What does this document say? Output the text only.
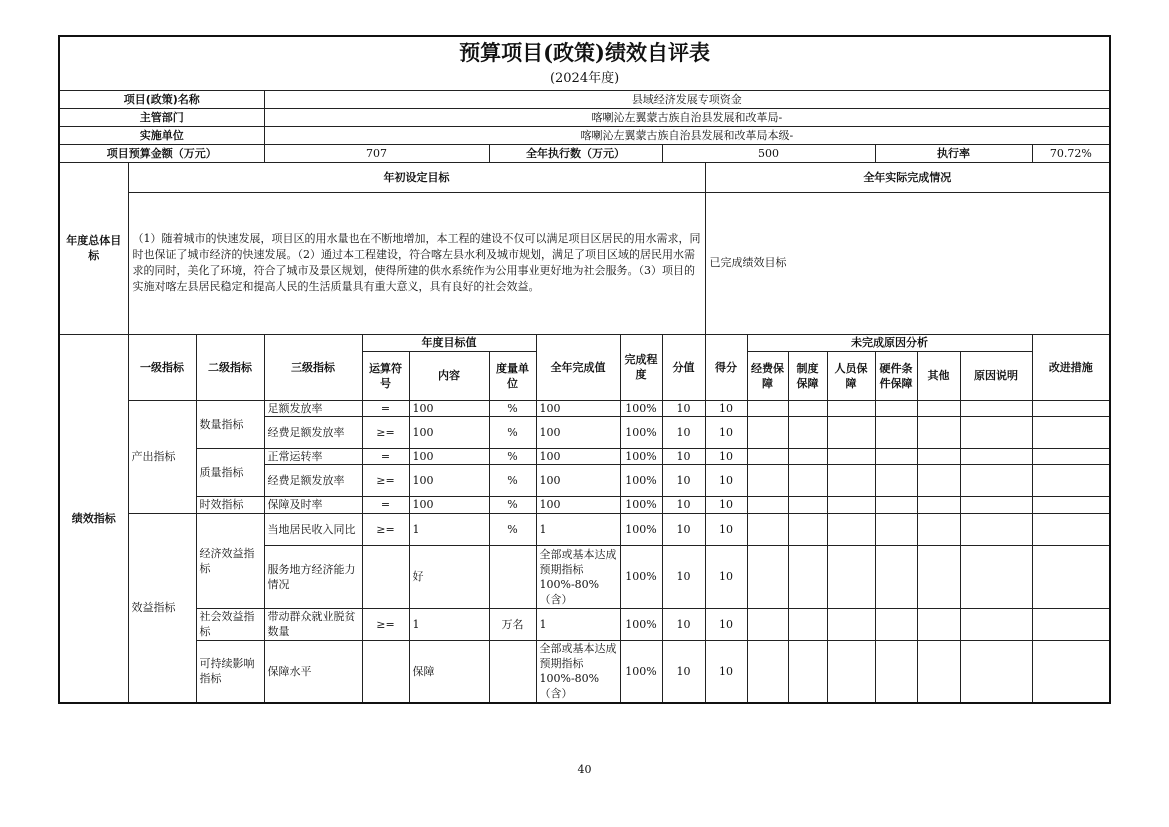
预算项目(政策)绩效自评表																	
(2024年度)																	
项目(政策)名称			县域经济发展专项资金														
主管部门			喀喇沁左翼蒙古族自治县发展和改革局-														
实施单位			喀喇沁左翼蒙古族自治县发展和改革局本级-														
项目预算金额（万元）			707			全年执行数（万元）			500					执行率			70.72%
年度总体目标	年初设定目标									全年实际完成情况							
	（1）随着城市的快速发展，项目区的用水量也在不断地增加，本工程的建设不仅可以满足项目区居民的用水需求，同时也保证了城市经济的快速发展。（2）通过本工程建设，符合喀左县水利及城市规划，满足了项目区域的居民用水需求的同时，美化了环境，符合了城市及景区规划，使得所建的供水系统作为公用事业更好地为社会服务。（3）项目的实施对喀左县居民稳定和提高人民的生活质量具有重大意义，具有良好的社会效益。									已完成绩效目标							
绩效指标	一级指标	二级指标	三级指标	年度目标值			全年完成值	完成程度	分值	得分	未完成原因分析						改进措施
				运算符号	内容	度量单位					经费保障	制度保障	人员保障	硬件条件保障	其他	原因说明	
	产出指标	数量指标	足额发放率	=	100	%	100	100%	10	10							
			经费足额发放率	≥=	100	%	100	100%	10	10							
		质量指标	正常运转率	=	100	%	100	100%	10	10							
			经费足额发放率	≥=	100	%	100	100%	10	10							
		时效指标	保障及时率	=	100	%	100	100%	10	10							
	效益指标	经济效益指标	当地居民收入同比	≥=	1	%	1	100%	10	10							
			服务地方经济能力情况		好		全部或基本达成预期指标100%-80%（含）	100%	10	10							
		社会效益指标	带动群众就业脱贫数量	≥=	1	万名	1	100%	10	10							
		可持续影响指标	保障水平		保障		全部或基本达成预期指标100%-80%（含）	100%	10	10							
40
